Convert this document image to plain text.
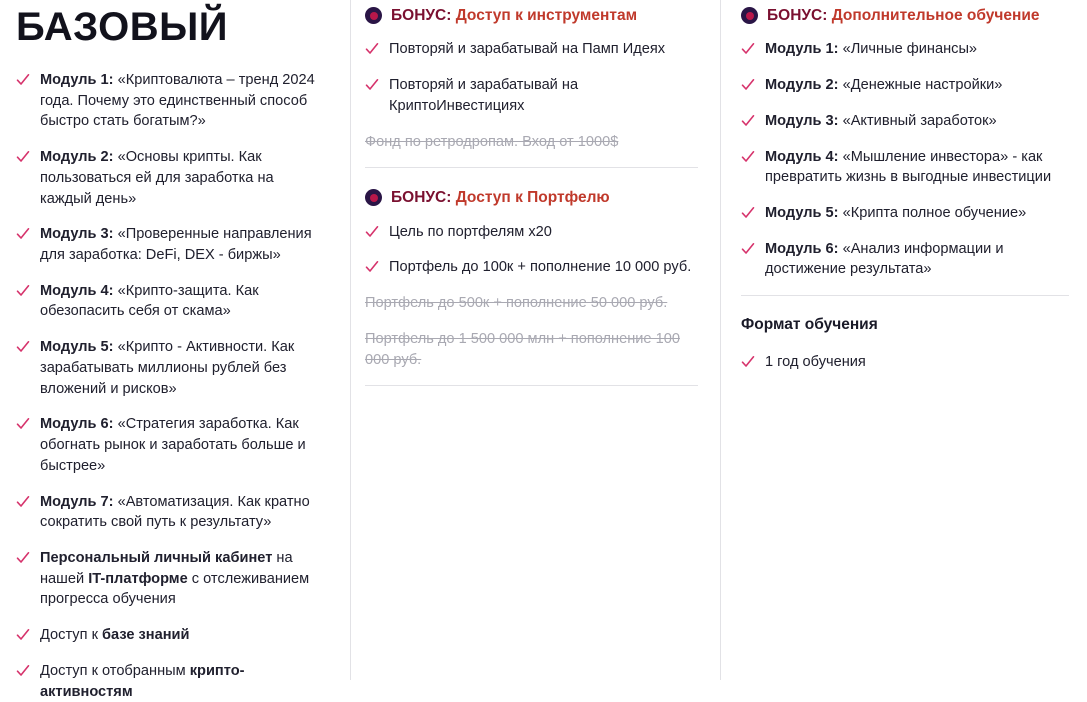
БАЗОВЫЙ
Модуль 1: «Криптовалюта – тренд 2024 года. Почему это единственный способ быстро стать богатым?»
Модуль 2: «Основы крипты. Как пользоваться ей для заработка на каждый день»
Модуль 3: «Проверенные направления для заработка: DeFi, DEX - биржы»
Модуль 4: «Крипто-защита. Как обезопасить себя от скама»
Модуль 5: «Крипто - Активности. Как зарабатывать миллионы рублей без вложений и рисков»
Модуль 6: «Стратегия заработка. Как обогнать рынок и заработать больше и быстрее»
Модуль 7: «Автоматизация. Как кратно сократить свой путь к результату»
Персональный личный кабинет на нашей IT-платформе с отслеживанием прогресса обучения
Доступ к базе знаний
Доступ к отобранным крипто-активностям
БОНУС: Доступ к инструментам
Повторяй и зарабатывай на Памп Идеях
Повторяй и зарабатывай на КриптоИнвестициях
Фонд по ретродропам. Вход от 1000$
БОНУС: Доступ к Портфелю
Цель по портфелям х20
Портфель до 100к + пополнение 10 000 руб.
Портфель до 500к + пополнение 50 000 руб.
Портфель до 1 500 000 млн + пополнение 100 000 руб.
БОНУС: Дополнительное обучение
Модуль 1: «Личные финансы»
Модуль 2: «Денежные настройки»
Модуль 3: «Активный заработок»
Модуль 4: «Мышление инвестора» - как превратить жизнь в выгодные инвестиции
Модуль 5: «Крипта полное обучение»
Модуль 6: «Анализ информации и достижение результата»
Формат обучения
1 год обучения
